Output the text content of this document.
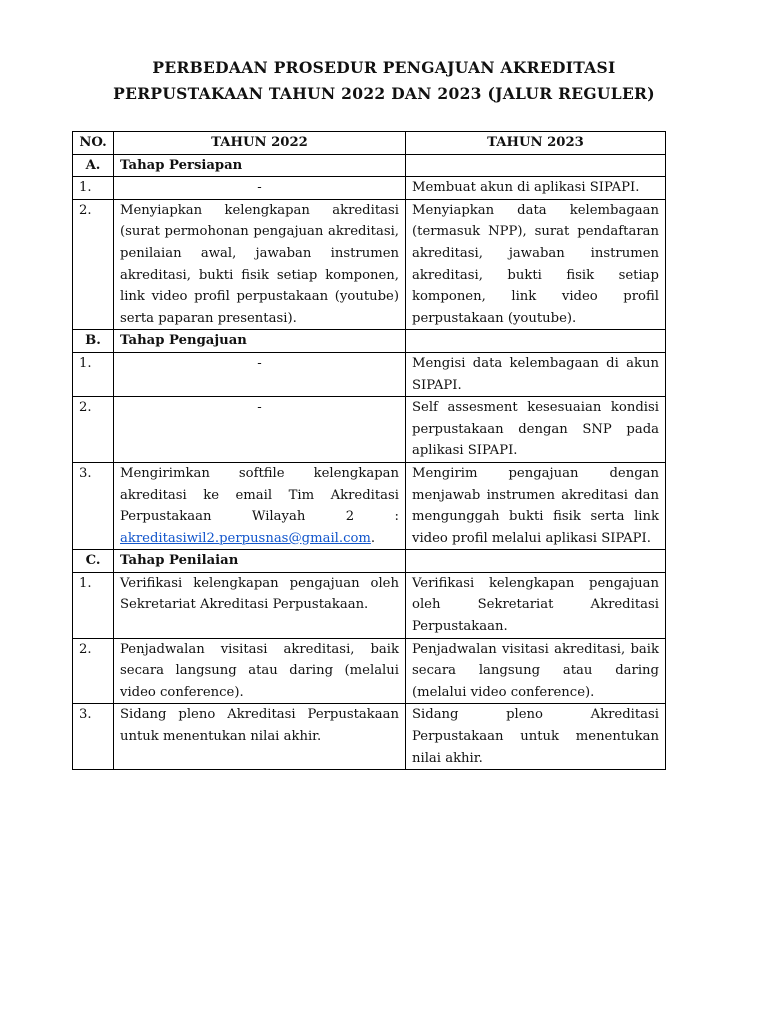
PERBEDAAN PROSEDUR PENGAJUAN AKREDITASI
PERPUSTAKAAN TAHUN 2022 DAN 2023 (JALUR REGULER)
NO.	TAHUN 2022	TAHUN 2023
A.	Tahap Persiapan	
1.	-	Membuat akun di aplikasi SIPAPI.
2.	Menyiapkan kelengkapan akreditasi (surat permohonan pengajuan akreditasi, penilaian awal, jawaban instrumen akreditasi, bukti fisik setiap komponen, link video profil perpustakaan (youtube) serta paparan presentasi).	Menyiapkan data kelembagaan (termasuk NPP), surat pendaftaran akreditasi, jawaban instrumen akreditasi, bukti fisik setiap komponen, link video profil perpustakaan (youtube).
B.	Tahap Pengajuan	
1.	-	Mengisi data kelembagaan di akun SIPAPI.
2.	-	Self assesment kesesuaian kondisi perpustakaan dengan SNP pada aplikasi SIPAPI.
3.	Mengirimkan softfile kelengkapan akreditasi ke email Tim Akreditasi Perpustakaan Wilayah 2 : akreditasiwil2.perpusnas@gmail.com.	Mengirim pengajuan dengan menjawab instrumen akreditasi dan mengunggah bukti fisik serta link video profil melalui aplikasi SIPAPI.
C.	Tahap Penilaian	
1.	Verifikasi kelengkapan pengajuan oleh Sekretariat Akreditasi Perpustakaan.	Verifikasi kelengkapan pengajuan oleh Sekretariat Akreditasi Perpustakaan.
2.	Penjadwalan visitasi akreditasi, baik secara langsung atau daring (melalui video conference).	Penjadwalan visitasi akreditasi, baik secara langsung atau daring (melalui video conference).
3.	Sidang pleno Akreditasi Perpustakaan untuk menentukan nilai akhir.	Sidang pleno Akreditasi Perpustakaan untuk menentukan nilai akhir.
